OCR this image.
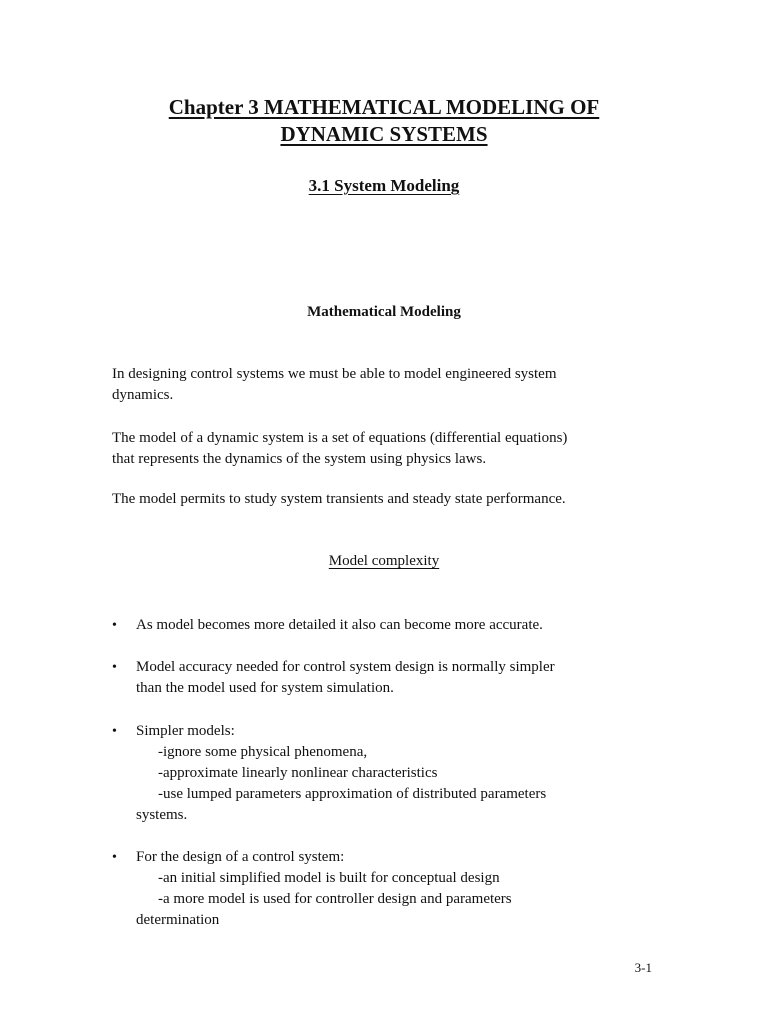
Chapter 3 MATHEMATICAL MODELING OF
DYNAMIC SYSTEMS
3.1 System Modeling
Mathematical Modeling

In designing control systems we must be able to model engineered system
dynamics.

The model of a dynamic system is a set of equations (differential equations)
that represents the dynamics of the system using physics laws.

The model permits to study system transients and steady state performance.

Model complexity
•	As model becomes more detailed it also can become more accurate.
•	Model accuracy needed for control system design is normally simpler
than the model used for system simulation.
•	Simpler models:
-ignore some physical phenomena,
-approximate linearly nonlinear characteristics
-use lumped parameters approximation of distributed parameters
systems.
•	For the design of a control system:
-an initial simplified model is built for conceptual design
-a more model is used for controller design and parameters
determination
3-1
